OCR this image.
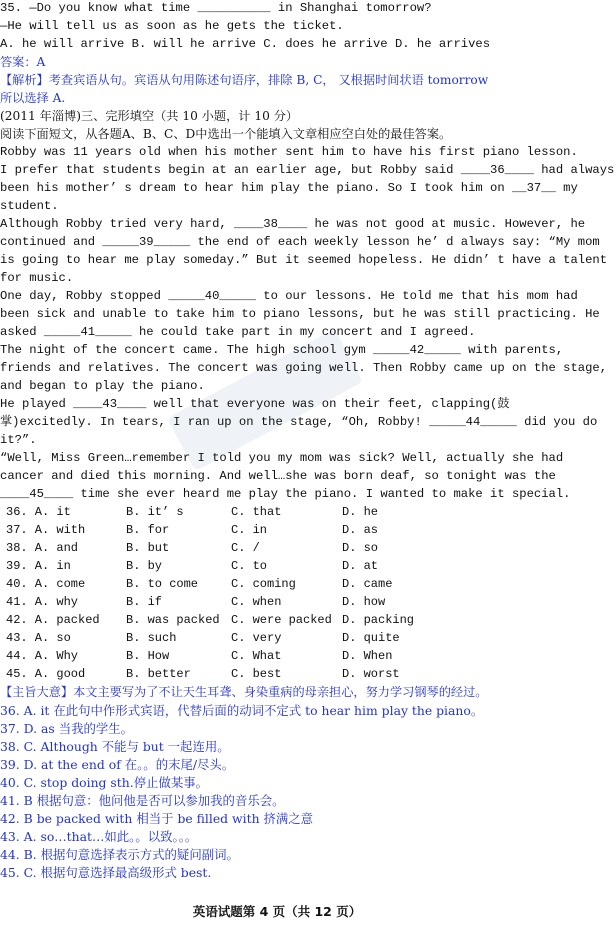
35. —Do you know what time __________ in Shanghai tomorrow?
—He will tell us as soon as he gets the ticket.
A. he will arrive B. will he arrive C. does he arrive D. he arrives
答案：A
【解析】考查宾语从句。宾语从句用陈述句语序，排除 B, C， 又根据时间状语 tomorrow
所以选择 A.
(2011 年淄博)三、完形填空（共 10 小题，计 10 分）
阅读下面短文，从各题A、B、C、D中选出一个能填入文章相应空白处的最佳答案。
Robby was 11 years old when his mother sent him to have his first piano lesson.
I prefer that students begin at an earlier age, but Robby said ____36____ had always
been his mother’ s dream to hear him play the piano. So I took him on __37__ my
student.
Although Robby tried very hard, ____38____ he was not good at music. However, he
continued and _____39_____ the end of each weekly lesson he’ d always say: “My mom
is going to hear me play someday.” But it seemed hopeless. He didn’ t have a talent
for music.
One day, Robby stopped _____40_____ to our lessons. He told me that his mom had
been sick and unable to take him to piano lessons, but he was still practicing. He
asked _____41_____ he could take part in my concert and I agreed.
The night of the concert came. The high school gym _____42_____ with parents,
friends and relatives. The concert was going well. Then Robby came up on the stage,
and began to play the piano.
He played ____43____ well that everyone was on their feet, clapping(鼓
掌)excitedly. In tears, I ran up on the stage, “Oh, Robby! _____44_____ did you do
it?”.
“Well, Miss Green…remember I told you my mom was sick? Well, actually she had
cancer and died this morning. And well…she was born deaf, so tonight was the
____45____ time she ever heard me play the piano. I wanted to make it special.
36. A. it	B. it’ s	C. that	D. he
37. A. with	B. for	C. in	D. as
38. A. and	B. but	C. /	D. so
39. A. in	B. by	C. to	D. at
40. A. come	B. to come	C. coming	D. came
41. A. why	B. if	C. when	D. how
42. A. packed B. was packed C. were packed D. packing
43. A. so	B. such	C. very	D. quite
44. A. Why	B. How	C. What	D. When
45. A. good	B. better	C. best	D. worst
【主旨大意】本文主要写为了不让天生耳聋、身染重病的母亲担心，努力学习钢琴的经过。
36. A. it 在此句中作形式宾语，代替后面的动词不定式 to hear him play the piano。
37. D. as 当我的学生。
38. C. Although 不能与 but 一起连用。
39. D. at the end of 在。。的末尾/尽头。
40. C. stop doing sth.停止做某事。
41. B 根据句意：他问他是否可以参加我的音乐会。
42. B be packed with 相当于 be filled with 挤满之意
43. A. so…that…如此。。以致。。。
44. B. 根据句意选择表示方式的疑问副词。
45. C. 根据句意选择最高级形式 best.
英语试题第 4 页（共 12 页）
